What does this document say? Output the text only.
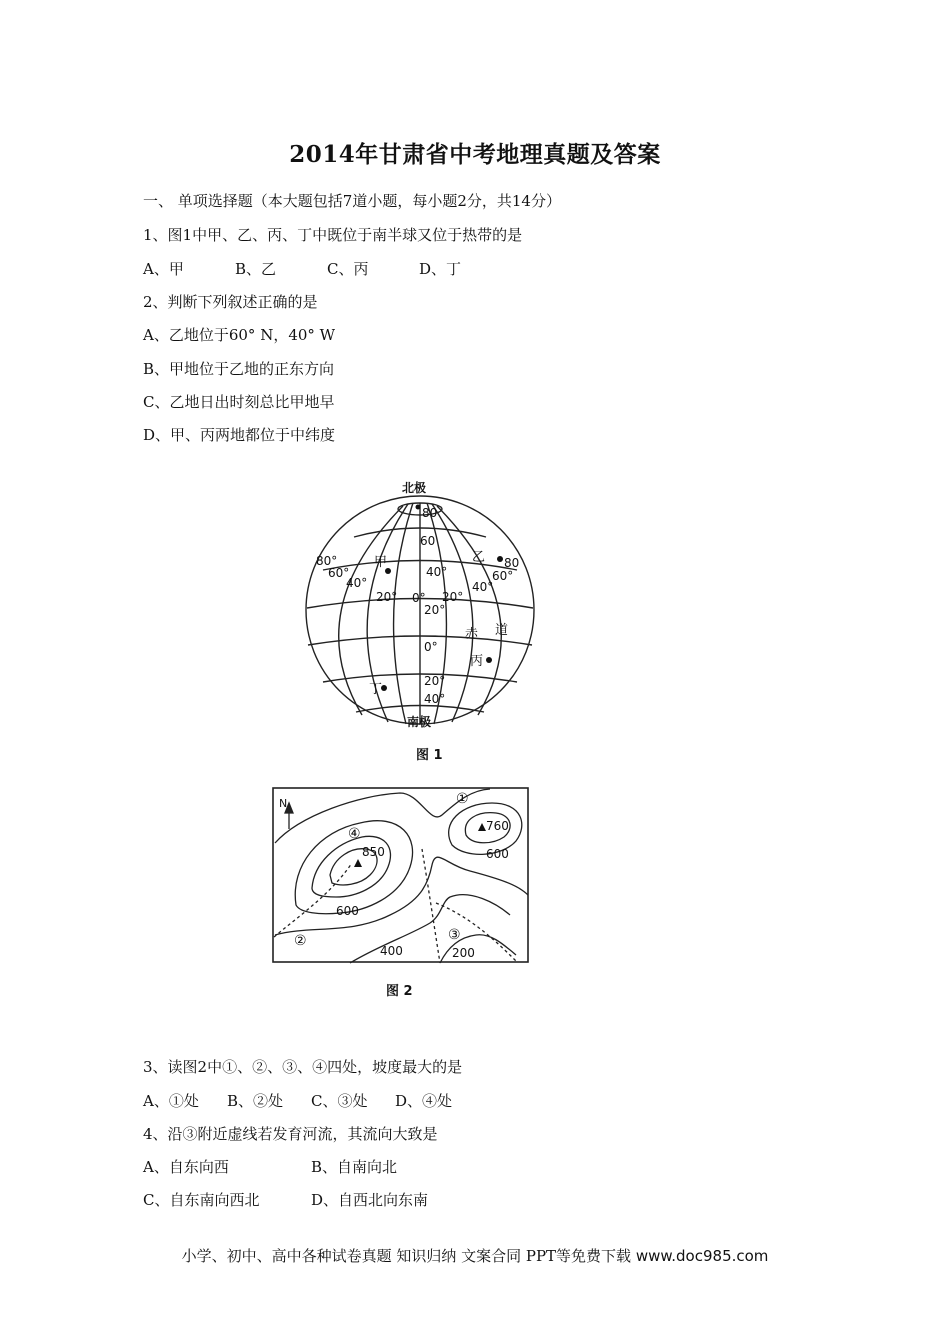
2014年甘肃省中考地理真题及答案
一、 单项选择题（本大题包括7道小题，每小题2分，共14分）
1、图1中甲、乙、丙、丁中既位于南半球又位于热带的是
A、甲	B、乙	C、丙	D、丁
2、判断下列叙述正确的是
A、乙地位于60° N，40° W
B、甲地位于乙地的正东方向
C、乙地日出时刻总比甲地早
D、甲、丙两地都位于中纬度
北极
南极
80
60
40°
20°
0°
0°
20°
40°
80°
60°
40°
20°	20°
40°
60°
80
甲	乙
丙
丁
赤 道
图 1
N	①
②	③
④	760
850	600
600
400	200
图 2
3、读图2中①、②、③、④四处，坡度最大的是
A、①处 B、②处 C、③处 D、④处
4、沿③附近虚线若发育河流，其流向大致是
A、自东向西	B、自南向北
C、自东南向西北	D、自西北向东南
小学、初中、高中各种试卷真题 知识归纳 文案合同 PPT等免费下载 www.doc985.com
